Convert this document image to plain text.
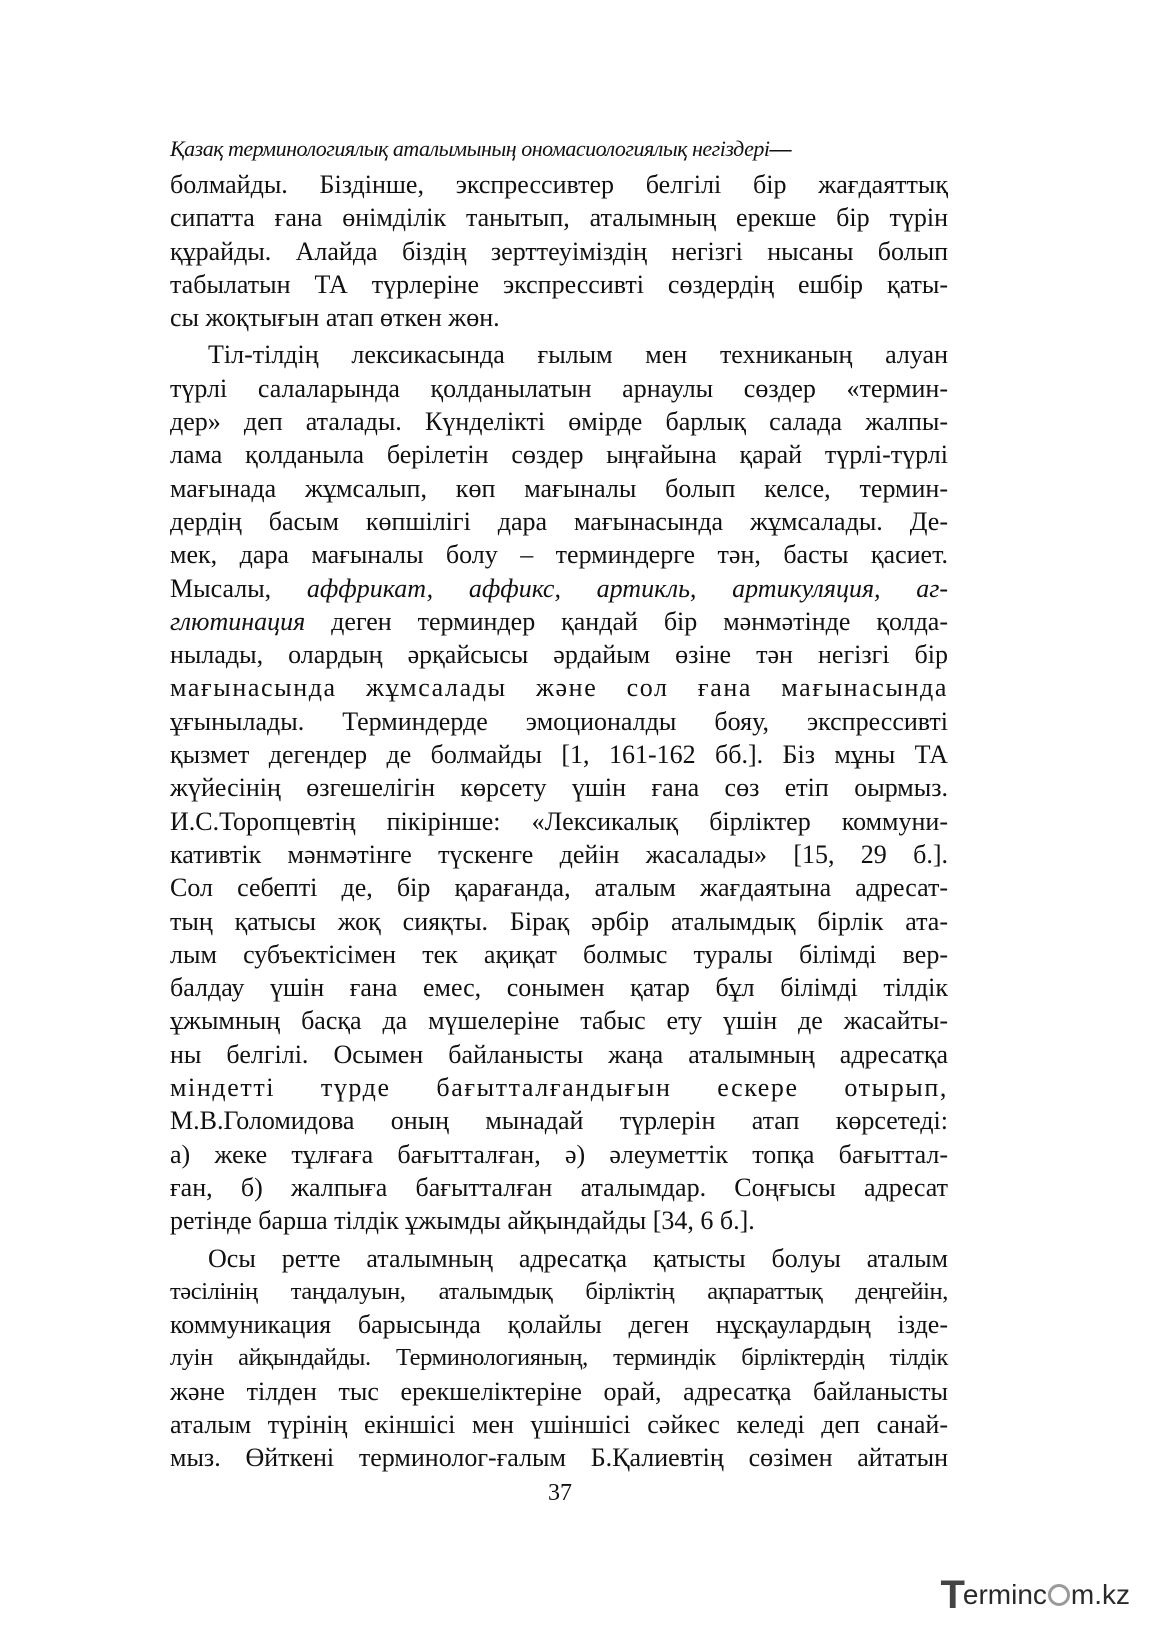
Қазақ терминологиялық аталымының ономасиологиялық негіздері—

болмайды. Біздінше, экспрессивтер белгілі бір жағдаяттық
сипатта ғана өнімділік танытып, аталымның ерекше бір түрін
құрайды. Алайда біздің зерттеуіміздің негізгі нысаны болып
табылатын ТА түрлеріне экспрессивті сөздердің ешбір қаты-
сы жоқтығын атап өткен жөн.
Тіл-тілдің лексикасында ғылым мен техниканың алуан
түрлі салаларында қолданылатын арнаулы сөздер «термин-
дер» деп аталады. Күнделікті өмірде барлық салада жалпы-
лама қолданыла берілетін сөздер ыңғайына қарай түрлі-түрлі
мағынада жұмсалып, көп мағыналы болып келсе, термин-
дердің басым көпшілігі дара мағынасында жұмсалады. Де-
мек, дара мағыналы болу – терминдерге тән, басты қасиет.
Мысалы, аффрикат, аффикс, артикль, артикуляция, аг-
глютинация деген терминдер қандай бір мәнмәтінде қолда-
нылады, олардың әрқайсысы әрдайым өзіне тән негізгі бір
мағынасында жұмсалады және сол ғана мағынасында
ұғынылады. Терминдерде эмоционалды бояу, экспрессивті
қызмет дегендер де болмайды [1, 161-162 бб.]. Біз мұны ТА
жүйесінің өзгешелігін көрсету үшін ғана сөз етіп оырмыз.
И.С.Торопцевтің пікірінше: «Лексикалық бірліктер коммуни-
кативтік мәнмәтінге түскенге дейін жасалады» [15, 29 б.].
Сол себепті де, бір қарағанда, аталым жағдаятына адресат-
тың қатысы жоқ сияқты. Бірақ әрбір аталымдық бірлік ата-
лым субъектісімен тек ақиқат болмыс туралы білімді вер-
балдау үшін ғана емес, сонымен қатар бұл білімді тілдік
ұжымның басқа да мүшелеріне табыс ету үшін де жасайты-
ны белгілі. Осымен байланысты жаңа аталымның адресатқа
міндетті түрде бағытталғандығын ескере отырып,
М.В.Голомидова оның мынадай түрлерін атап көрсетеді:
а) жеке тұлғаға бағытталған, ә) әлеуметтік топқа бағыттал-
ған, б) жалпыға бағытталған аталымдар. Соңғысы адресат
ретінде барша тілдік ұжымды айқындайды [34, 6 б.].
Осы ретте аталымның адресатқа қатысты болуы аталым
тәсілінің таңдалуын, аталымдық бірліктің ақпараттық деңгейін,
коммуникация барысында қолайлы деген нұсқаулардың ізде-
луін айқындайды. Терминологияның, терминдік бірліктердің тілдік
және тілден тыс ерекшеліктеріне орай, адресатқа байланысты
аталым түрінің екіншісі мен үшіншісі сәйкес келеді деп санай-
мыз. Өйткені терминолог-ғалым Б.Қалиевтің сөзімен айтатын
37
T
erminc m.kz
